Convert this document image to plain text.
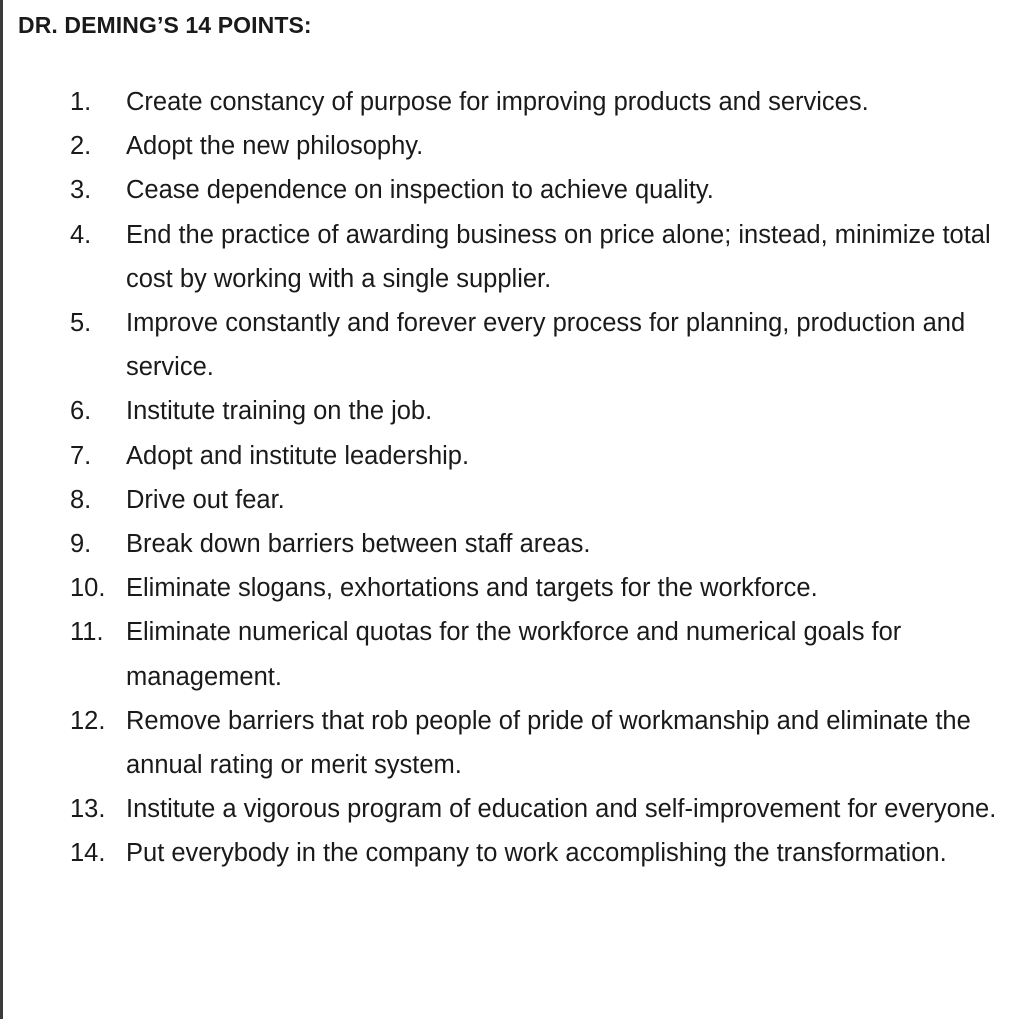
DR. DEMING’S 14 POINTS:
1.	Create constancy of purpose for improving products and services.
2.	Adopt the new philosophy.
3.	Cease dependence on inspection to achieve quality.
4.	End the practice of awarding business on price alone; instead, minimize total cost by working with a single supplier.
5.	Improve constantly and forever every process for planning, production and service.
6.	Institute training on the job.
7.	Adopt and institute leadership.
8.	Drive out fear.
9.	Break down barriers between staff areas.
10. Eliminate slogans, exhortations and targets for the workforce.
11. Eliminate numerical quotas for the workforce and numerical goals for management.
12. Remove barriers that rob people of pride of workmanship and eliminate the annual rating or merit system.
13. Institute a vigorous program of education and self-improvement for everyone.
14. Put everybody in the company to work accomplishing the transformation.
